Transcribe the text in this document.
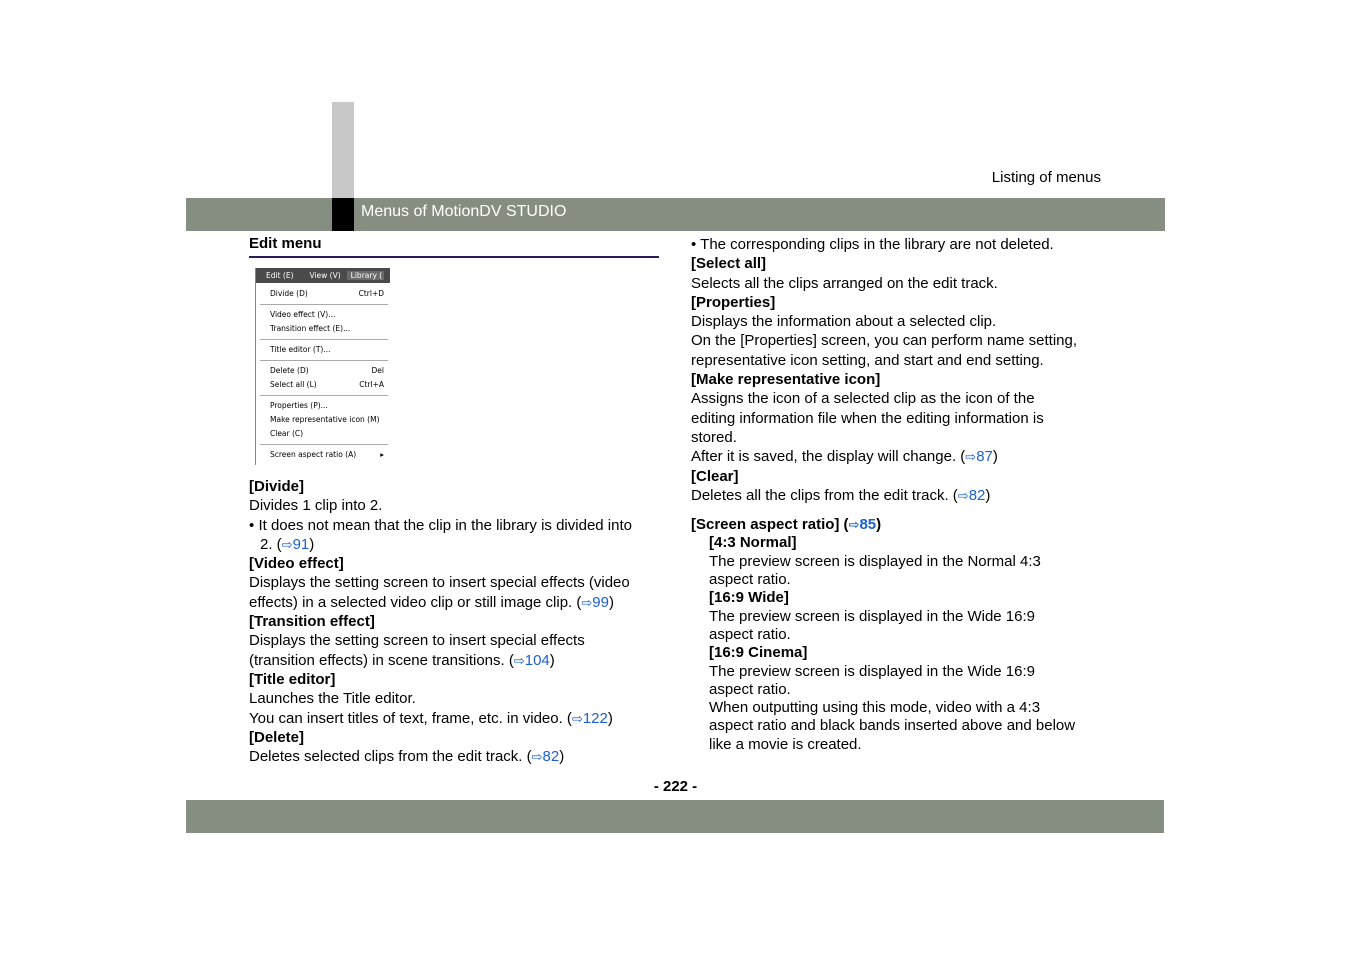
Listing of menus
Menus of MotionDV STUDIO
Edit menu
Edit (E)	View (V)	Library (
Divide (D)	Ctrl+D
Video effect (V)...
Transition effect (E)...
Title editor (T)...
Delete (D)	Del
Select all (L)	Ctrl+A
Properties (P)...
Make representative icon (M)
Clear (C)
Screen aspect ratio (A)	▸

[Divide]

Divides 1 clip into 2.

• It does not mean that the clip in the library is divided into
2. (⇨91)

[Video effect]

Displays the setting screen to insert special effects (video
effects) in a selected video clip or still image clip. (⇨99)

[Transition effect]

Displays the setting screen to insert special effects
(transition effects) in scene transitions. (⇨104)

[Title editor]

Launches the Title editor.

You can insert titles of text, frame, etc. in video. (⇨122)

[Delete]

Deletes selected clips from the edit track. (⇨82)

• The corresponding clips in the library are not deleted.

[Select all]

Selects all the clips arranged on the edit track.

[Properties]

Displays the information about a selected clip.

On the [Properties] screen, you can perform name setting,
representative icon setting, and start and end setting.

[Make representative icon]

Assigns the icon of a selected clip as the icon of the
editing information file when the editing information is
stored.

After it is saved, the display will change. (⇨87)

[Clear]

Deletes all the clips from the edit track. (⇨82)

[Screen aspect ratio] (⇨85)

[4:3 Normal]

The preview screen is displayed in the Normal 4:3
aspect ratio.

[16:9 Wide]

The preview screen is displayed in the Wide 16:9
aspect ratio.

[16:9 Cinema]

The preview screen is displayed in the Wide 16:9
aspect ratio.

When outputting using this mode, video with a 4:3
aspect ratio and black bands inserted above and below
like a movie is created.

- 222 -
